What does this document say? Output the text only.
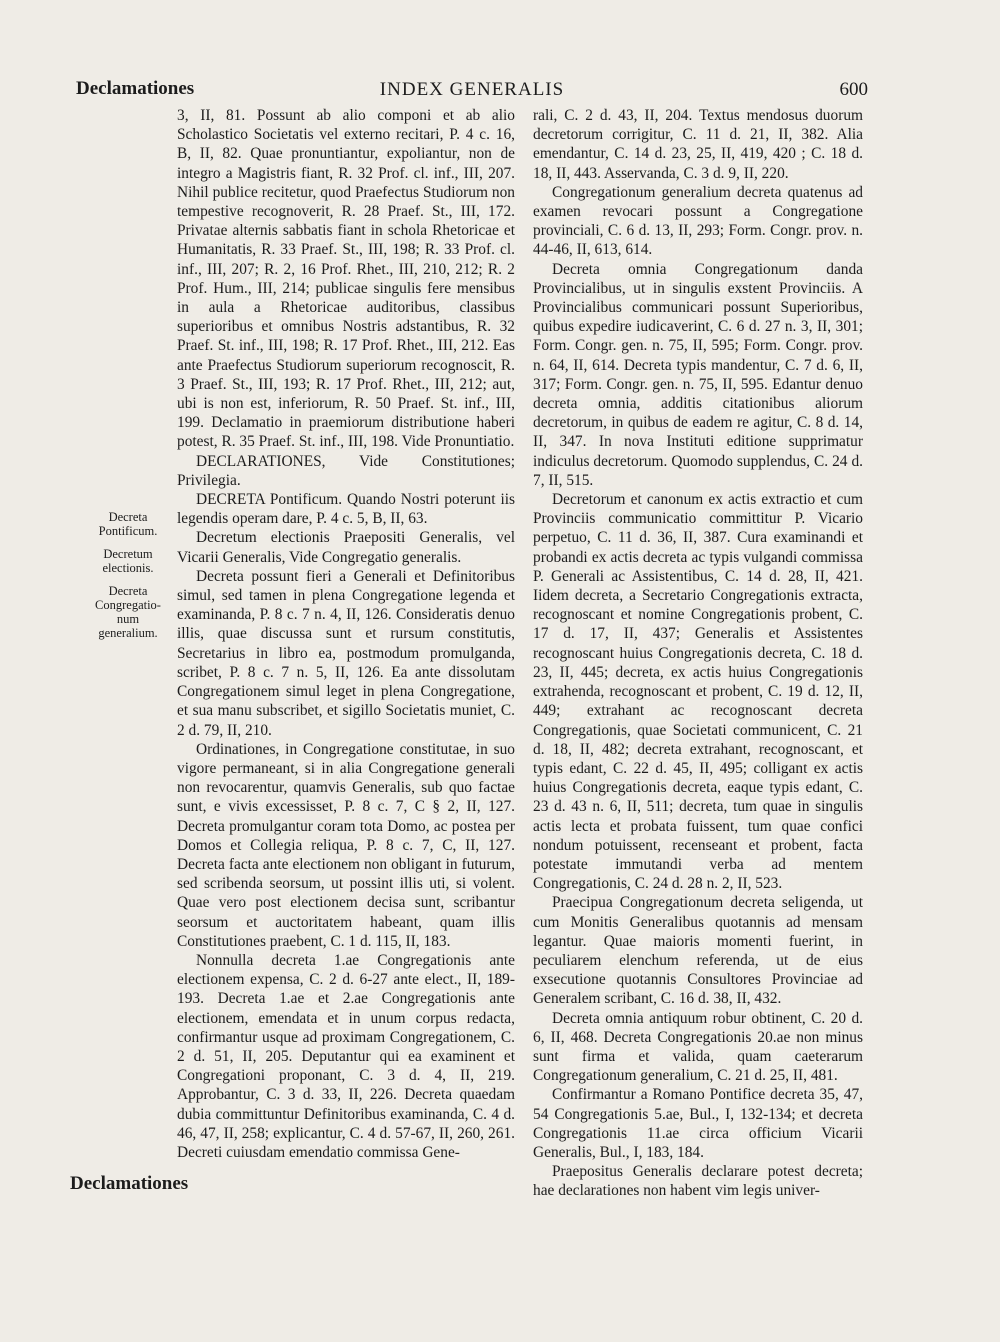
Declamationes	INDEX GENERALIS	600
Decreta
Pontificum.
Decretum
electionis.
Decreta
Congregatio-
num
generalium.

3, II, 81. Possunt ab alio componi et ab alio Scholastico Societatis vel externo recitari, P. 4 c. 16, B, II, 82. Quae pronuntiantur, expoliantur, non de integro a Magistris fiant, R. 32 Prof. cl. inf., III, 207. Nihil publice recitetur, quod Praefectus Studiorum non tempestive recognoverit, R. 28 Praef. St., III, 172. Privatae alternis sabbatis fiant in schola Rhetoricae et Humanitatis, R. 33 Praef. St., III, 198; R. 33 Prof. cl. inf., III, 207; R. 2, 16 Prof. Rhet., III, 210, 212; R. 2 Prof. Hum., III, 214; publicae singulis fere mensibus in aula a Rhetoricae auditoribus, classibus superioribus et omnibus Nostris adstantibus, R. 32 Praef. St. inf., III, 198; R. 17 Prof. Rhet., III, 212. Eas ante Praefectus Studiorum superiorum recognoscit, R. 3 Praef. St., III, 193; R. 17 Prof. Rhet., III, 212; aut, ubi is non est, inferiorum, R. 50 Praef. St. inf., III, 199. Declamatio in praemiorum distributione haberi potest, R. 35 Praef. St. inf., III, 198. Vide Pronuntiatio.

DECLARATIONES, Vide Constitutiones; Privilegia.

DECRETA Pontificum. Quando Nostri poterunt iis legendis operam dare, P. 4 c. 5, B, II, 63.

Decretum electionis Praepositi Generalis, vel Vicarii Generalis, Vide Congregatio generalis.

Decreta possunt fieri a Generali et Definitoribus simul, sed tamen in plena Congregatione legenda et examinanda, P. 8 c. 7 n. 4, II, 126. Consideratis denuo illis, quae discussa sunt et rursum constitutis, Secretarius in libro ea, postmodum promulganda, scribet, P. 8 c. 7 n. 5, II, 126. Ea ante dissolutam Congregationem simul leget in plena Congregatione, et sua manu subscribet, et sigillo Societatis muniet, C. 2 d. 79, II, 210.

Ordinationes, in Congregatione constitutae, in suo vigore permaneant, si in alia Congregatione generali non revocarentur, quamvis Generalis, sub quo factae sunt, e vivis excessisset, P. 8 c. 7, C § 2, II, 127. Decreta promulgantur coram tota Domo, ac postea per Domos et Collegia reliqua, P. 8 c. 7, C, II, 127. Decreta facta ante electionem non obligant in futurum, sed scribenda seorsum, ut possint illis uti, si volent. Quae vero post electionem decisa sunt, scribantur seorsum et auctoritatem habeant, quam illis Constitutiones praebent, C. 1 d. 115, II, 183.

Nonnulla decreta 1.ae Congregationis ante electionem expensa, C. 2 d. 6-27 ante elect., II, 189-193. Decreta 1.ae et 2.ae Congregationis ante electionem, emendata et in unum corpus redacta, confirmantur usque ad proximam Congregationem, C. 2 d. 51, II, 205. Deputantur qui ea examinent et Congregationi proponant, C. 3 d. 4, II, 219. Approbantur, C. 3 d. 33, II, 226. Decreta quaedam dubia committuntur Definitoribus examinanda, C. 4 d. 46, 47, II, 258; explicantur, C. 4 d. 57-67, II, 260, 261. Decreti cuiusdam emendatio commissa Gene-

rali, C. 2 d. 43, II, 204. Textus mendosus duorum decretorum corrigitur, C. 11 d. 21, II, 382. Alia emendantur, C. 14 d. 23, 25, II, 419, 420 ; C. 18 d. 18, II, 443. Asservanda, C. 3 d. 9, II, 220.

Congregationum generalium decreta quatenus ad examen revocari possunt a Congregatione provinciali, C. 6 d. 13, II, 293; Form. Congr. prov. n. 44-46, II, 613, 614.

Decreta omnia Congregationum danda Provincialibus, ut in singulis exstent Provinciis. A Provincialibus communicari possunt Superioribus, quibus expedire iudicaverint, C. 6 d. 27 n. 3, II, 301; Form. Congr. gen. n. 75, II, 595; Form. Congr. prov. n. 64, II, 614. Decreta typis mandentur, C. 7 d. 6, II, 317; Form. Congr. gen. n. 75, II, 595. Edantur denuo decreta omnia, additis citationibus aliorum decretorum, in quibus de eadem re agitur, C. 8 d. 14, II, 347. In nova Instituti editione supprimatur indiculus decretorum. Quomodo supplendus, C. 24 d. 7, II, 515.

Decretorum et canonum ex actis extractio et cum Provinciis communicatio committitur P. Vicario perpetuo, C. 11 d. 36, II, 387. Cura examinandi et probandi ex actis decreta ac typis vulgandi commissa P. Generali ac Assistentibus, C. 14 d. 28, II, 421. Iidem decreta, a Secretario Congregationis extracta, recognoscant et nomine Congregationis probent, C. 17 d. 17, II, 437; Generalis et Assistentes recognoscant huius Congregationis decreta, C. 18 d. 23, II, 445; decreta, ex actis huius Congregationis extrahenda, recognoscant et probent, C. 19 d. 12, II, 449; extrahant ac recognoscant decreta Congregationis, quae Societati communicent, C. 21 d. 18, II, 482; decreta extrahant, recognoscant, et typis edant, C. 22 d. 45, II, 495; colligant ex actis huius Congregationis decreta, eaque typis edant, C. 23 d. 43 n. 6, II, 511; decreta, tum quae in singulis actis lecta et probata fuissent, tum quae confici nondum potuissent, recenseant et probent, facta potestate immutandi verba ad mentem Congregationis, C. 24 d. 28 n. 2, II, 523.

Praecipua Congregationum decreta seligenda, ut cum Monitis Generalibus quotannis ad mensam legantur. Quae maioris momenti fuerint, in peculiarem elenchum referenda, ut de eius exsecutione quotannis Consultores Provinciae ad Generalem scribant, C. 16 d. 38, II, 432.

Decreta omnia antiquum robur obtinent, C. 20 d. 6, II, 468. Decreta Congregationis 20.ae non minus sunt firma et valida, quam caeterarum Congregationum generalium, C. 21 d. 25, II, 481.

Confirmantur a Romano Pontifice decreta 35, 47, 54 Congregationis 5.ae, Bul., I, 132-134; et decreta Congregationis 11.ae circa officium Vicarii Generalis, Bul., I, 183, 184.

Praepositus Generalis declarare potest decreta; hae declarationes non habent vim legis univer-

Declamationes
